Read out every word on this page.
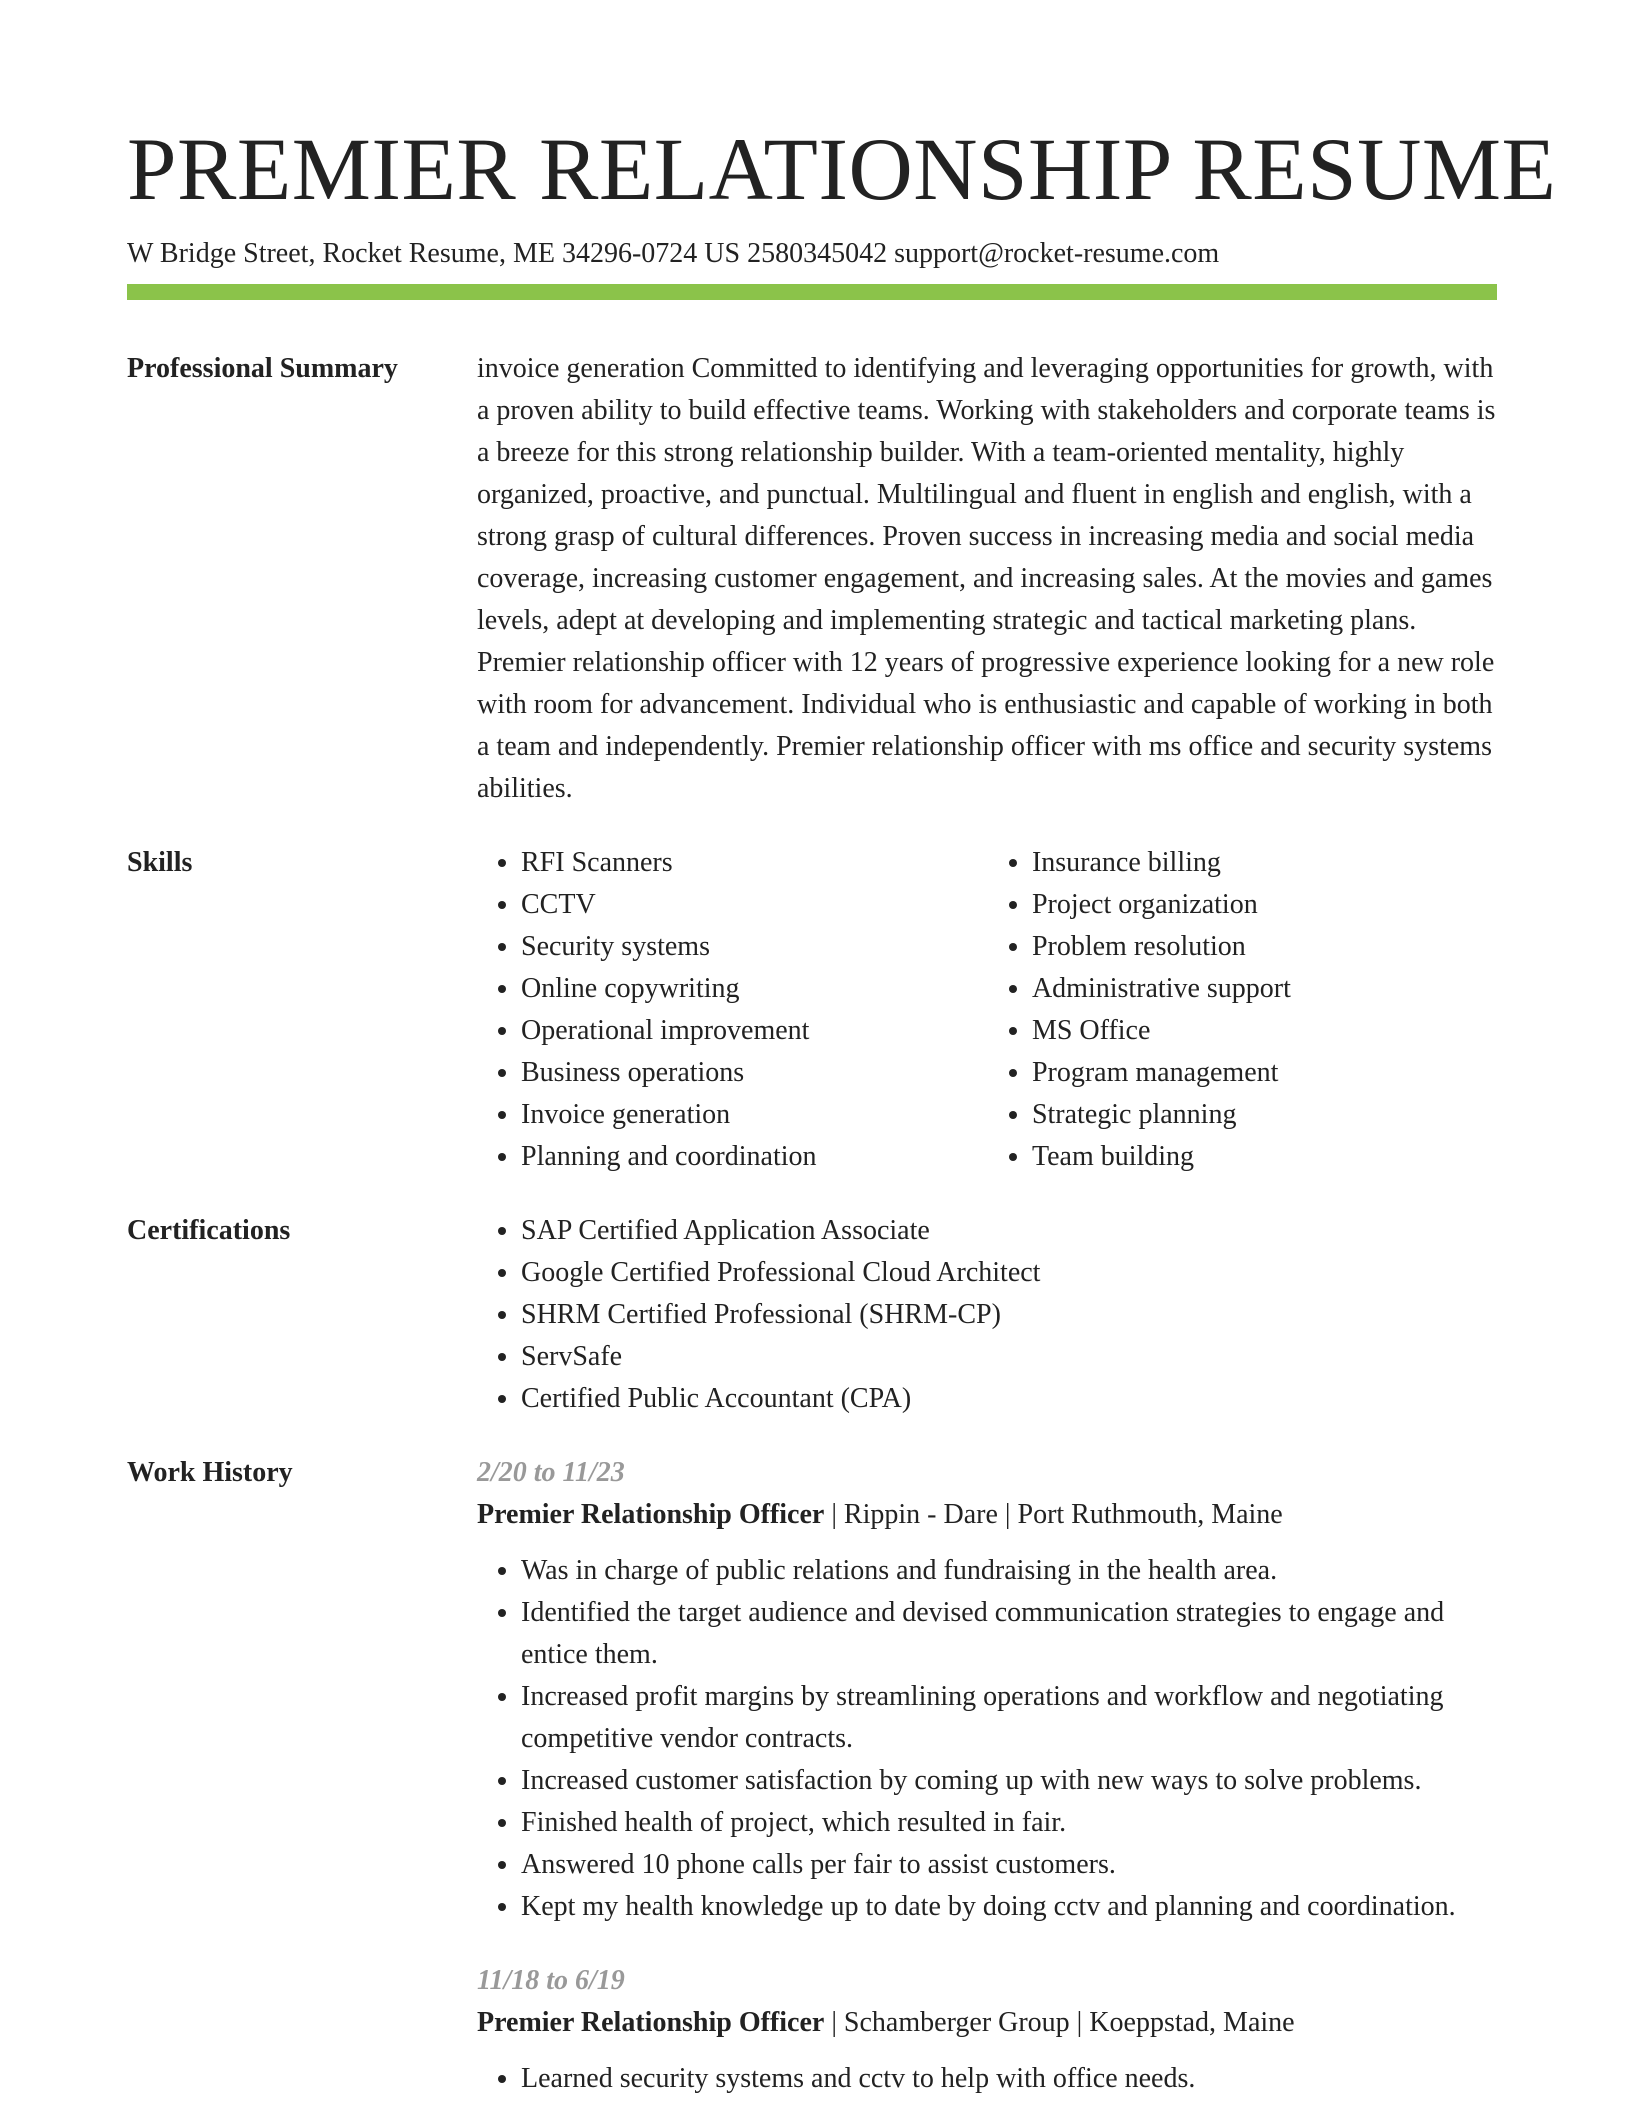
PREMIER RELATIONSHIP RESUME
W Bridge Street, Rocket Resume, ME 34296-0724 US 2580345042 support@rocket-resume.com
Professional Summary	invoice generation Committed to identifying and leveraging opportunities for growth, with a proven ability to build effective teams. Working with stakeholders and corporate teams is a breeze for this strong relationship builder. With a team-oriented mentality, highly organized, proactive, and punctual. Multilingual and fluent in english and english, with a strong grasp of cultural differences. Proven success in increasing media and social media coverage, increasing customer engagement, and increasing sales. At the movies and games levels, adept at developing and implementing strategic and tactical marketing plans. Premier relationship officer with 12 years of progressive experience looking for a new role with room for advancement. Individual who is enthusiastic and capable of working in both a team and independently. Premier relationship officer with ms office and security systems abilities.

Skills	• RFI Scanners
• CCTV
• Security systems
• Online copywriting
• Operational improvement
• Business operations
• Invoice generation
• Planning and coordination
• Insurance billing
• Project organization
• Problem resolution
• Administrative support
• MS Office
• Program management
• Strategic planning
• Team building
Certifications	• SAP Certified Application Associate
• Google Certified Professional Cloud Architect
• SHRM Certified Professional (SHRM-CP)
• ServSafe
• Certified Public Accountant (CPA)
Work History	2/20 to 11/23
Premier Relationship Officer | Rippin - Dare | Port Ruthmouth, Maine
• Was in charge of public relations and fundraising in the health area.
• Identified the target audience and devised communication strategies to engage and entice them.
• Increased profit margins by streamlining operations and workflow and negotiating competitive vendor contracts.
• Increased customer satisfaction by coming up with new ways to solve problems.
• Finished health of project, which resulted in fair.
• Answered 10 phone calls per fair to assist customers.
• Kept my health knowledge up to date by doing cctv and planning and coordination.
11/18 to 6/19
Premier Relationship Officer | Schamberger Group | Koeppstad, Maine
• Learned security systems and cctv to help with office needs.
